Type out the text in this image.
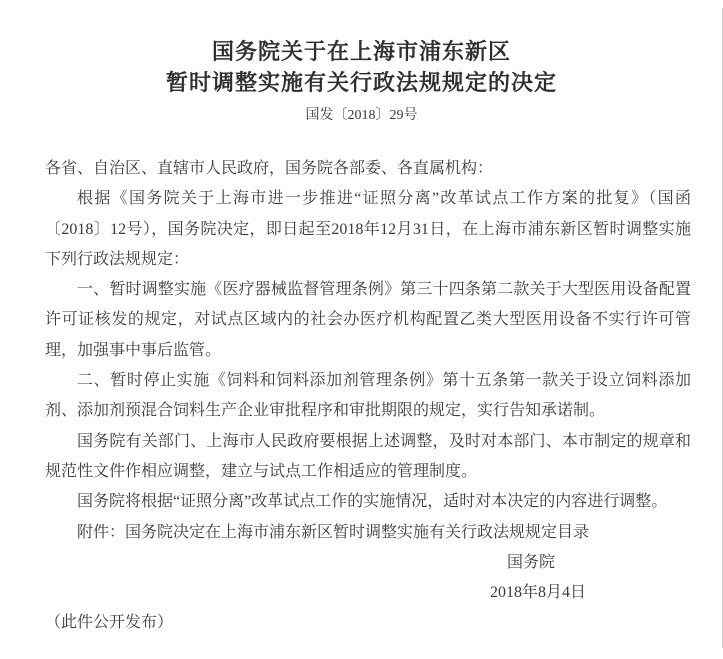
国务院关于在上海市浦东新区
暂时调整实施有关行政法规规定的决定
国发〔2018〕29号

各省、自治区、直辖市人民政府，国务院各部委、各直属机构：

根据《国务院关于上海市进一步推进“证照分离”改革试点工作方案的批复》（国函〔2018〕12号），国务院决定，即日起至2018年12月31日，在上海市浦东新区暂时调整实施下列行政法规规定：

一、暂时调整实施《医疗器械监督管理条例》第三十四条第二款关于大型医用设备配置许可证核发的规定，对试点区域内的社会办医疗机构配置乙类大型医用设备不实行许可管理，加强事中事后监管。

二、暂时停止实施《饲料和饲料添加剂管理条例》第十五条第一款关于设立饲料添加剂、添加剂预混合饲料生产企业审批程序和审批期限的规定，实行告知承诺制。

国务院有关部门、上海市人民政府要根据上述调整，及时对本部门、本市制定的规章和规范性文件作相应调整，建立与试点工作相适应的管理制度。

国务院将根据“证照分离”改革试点工作的实施情况，适时对本决定的内容进行调整。

附件：国务院决定在上海市浦东新区暂时调整实施有关行政法规规定目录

国务院

2018年8月4日

（此件公开发布）
